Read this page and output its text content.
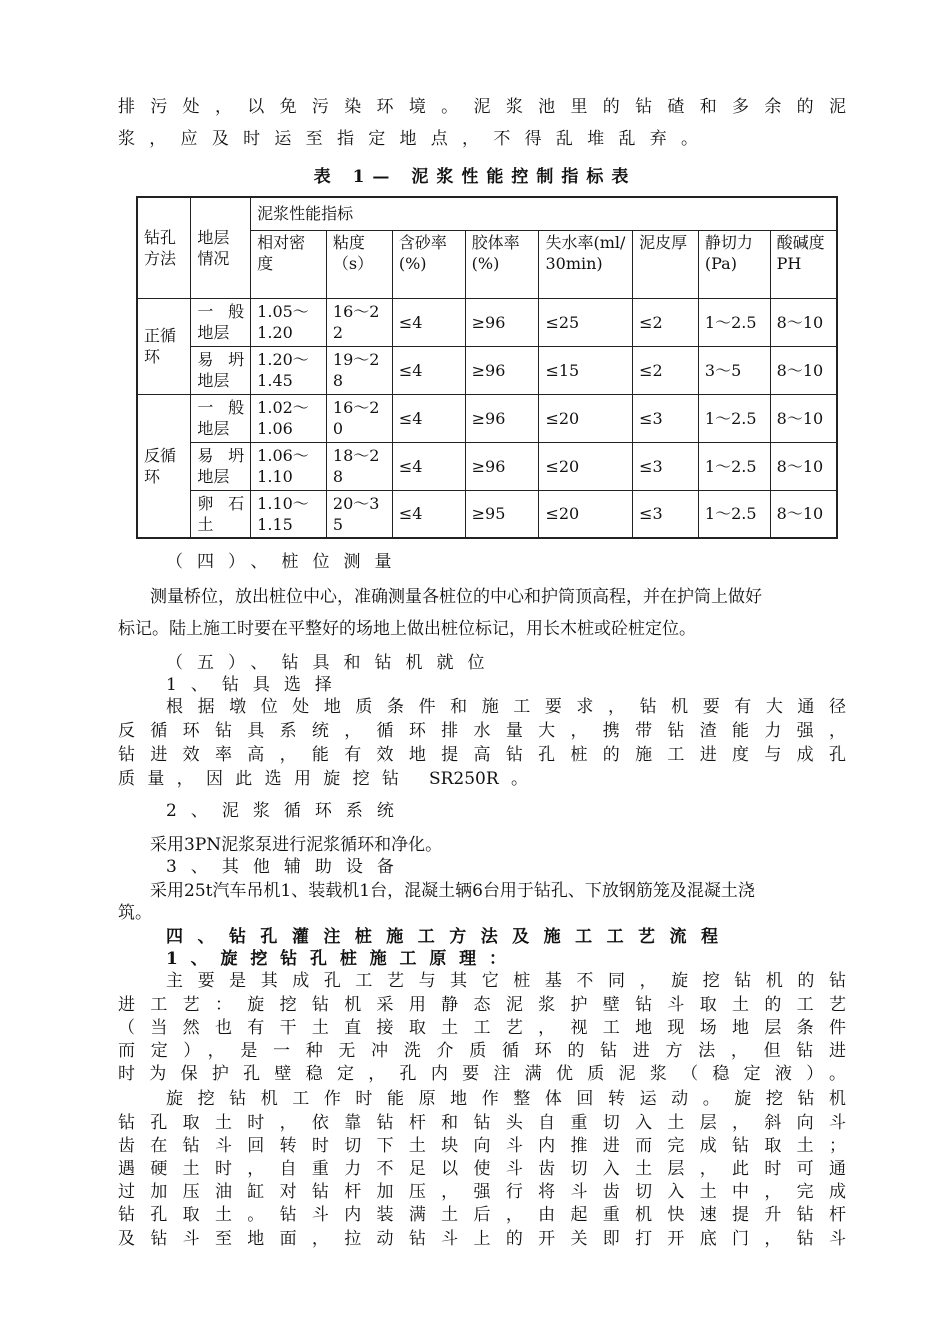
排污处，以免污染环境。泥浆池里的钻碴和多余的泥
浆，应及时运至指定地点，不得乱堆乱弃。
表 1— 泥浆性能控制指标表
钻孔方法	地层情况	泥浆性能指标							
		相对密度	粘度（s）	含砂率(%)	胶体率(%)	失水率(ml/30min)	泥皮厚	静切力(Pa)	酸碱度PH
正循环	一般地层	1.05～1.20	16～22	≤4	≥96	≤25	≤2	1～2.5	8～10
	易坍地层	1.20～1.45	19～28	≤4	≥96	≤15	≤2	3～5	8～10
反循环	一般地层	1.02～1.06	16～20	≤4	≥96	≤20	≤3	1～2.5	8～10
	易坍地层	1.06～1.10	18～28	≤4	≥96	≤20	≤3	1～2.5	8～10
	卵石土	1.10～1.15	20～35	≤4	≥95	≤20	≤3	1～2.5	8～10
（四）、桩位测量
测量桥位，放出桩位中心，准确测量各桩位的中心和护筒顶高程，并在护筒上做好
标记。陆上施工时要在平整好的场地上做出桩位标记，用长木桩或砼桩定位。
（五）、钻具和钻机就位
1、钻具选择
根据墩位处地质条件和施工要求，钻机要有大通径
反循环钻具系统，循环排水量大，携带钻渣能力强，
钻进效率高，能有效地提高钻孔桩的施工进度与成孔
质量，因此选用旋挖钻 SR250R。
2、泥浆循环系统
采用3PN泥浆泵进行泥浆循环和净化。
3、其他辅助设备
采用25t汽车吊机1、装载机1台，混凝土辆6台用于钻孔、下放钢筋笼及混凝土浇
筑。
四、钻孔灌注桩施工方法及施工工艺流程
1、旋挖钻孔桩施工原理：
主要是其成孔工艺与其它桩基不同，旋挖钻机的钻
进工艺：旋挖钻机采用静态泥浆护壁钻斗取土的工艺
（当然也有干土直接取土工艺，视工地现场地层条件
而定），是一种无冲洗介质循环的钻进方法，但钻进
时为保护孔壁稳定，孔内要注满优质泥浆（稳定液）。
旋挖钻机工作时能原地作整体回转运动。旋挖钻机
钻孔取土时，依靠钻杆和钻头自重切入土层，斜向斗
齿在钻斗回转时切下土块向斗内推进而完成钻取土；
遇硬土时，自重力不足以使斗齿切入土层，此时可通
过加压油缸对钻杆加压，强行将斗齿切入土中，完成
钻孔取土。钻斗内装满土后，由起重机快速提升钻杆
及钻斗至地面，拉动钻斗上的开关即打开底门，钻斗
